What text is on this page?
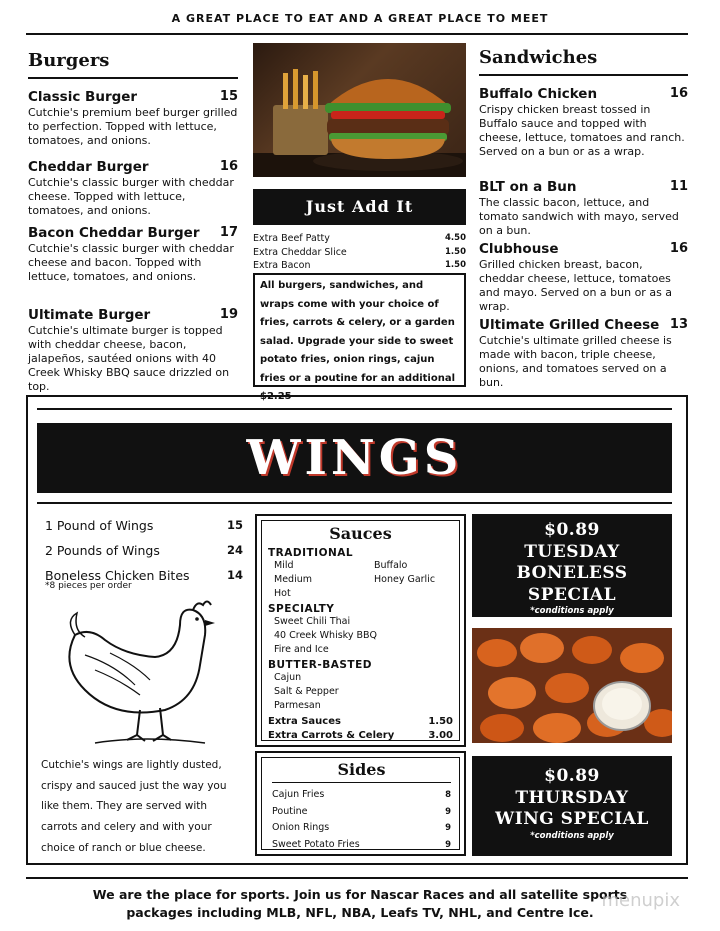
A GREAT PLACE TO EAT AND A GREAT PLACE TO MEET
Burgers
Classic Burger	15
Cutchie's premium beef burger grilled to perfection. Topped with lettuce, tomatoes, and onions.
Cheddar Burger	16
Cutchie's classic burger with cheddar cheese. Topped with lettuce, tomatoes, and onions.
Bacon Cheddar Burger	17
Cutchie's classic burger with cheddar cheese and bacon. Topped with lettuce, tomatoes, and onions.
Ultimate Burger	19
Cutchie's ultimate burger is topped with cheddar cheese, bacon, jalapeños, sautéed onions with 40 Creek Whisky BBQ sauce drizzled on top.
Just Add It
Extra Beef Patty	4.50
Extra Cheddar Slice	1.50
Extra Bacon	1.50
All burgers, sandwiches, and wraps come with your choice of fries, carrots & celery, or a garden salad. Upgrade your side to sweet potato fries, onion rings, cajun fries or a poutine for an additional $2.25
Sandwiches
Buffalo Chicken	16
Crispy chicken breast tossed in Buffalo sauce and topped with cheese, lettuce, tomatoes and ranch. Served on a bun or as a wrap.
BLT on a Bun	11
The classic bacon, lettuce, and tomato sandwich with mayo, served on a bun.
Clubhouse	16
Grilled chicken breast, bacon, cheddar cheese, lettuce, tomatoes and mayo. Served on a bun or as a wrap.
Ultimate Grilled Cheese 13
Cutchie's ultimate grilled cheese is made with bacon, triple cheese, onions, and tomatoes served on a bun.
WINGS
1 Pound of Wings	15
2 Pounds of Wings	24
Boneless Chicken Bites	14
*8 pieces per order
Cutchie's wings are lightly dusted, crispy and sauced just the way you like them. They are served with carrots and celery and with your choice of ranch or blue cheese.
Sauces
TRADITIONAL
Mild	Buffalo
Medium	Honey Garlic
Hot
SPECIALTY
Sweet Chili Thai
40 Creek Whisky BBQ
Fire and Ice
BUTTER-BASTED
Cajun
Salt & Pepper
Parmesan
Extra Sauces	1.50
Extra Carrots & Celery	3.00
Sides
Cajun Fries	8
Poutine	9
Onion Rings	9
Sweet Potato Fries	9
$0.89
TUESDAY
BONELESS
SPECIAL
*conditions apply
$0.89
THURSDAY
WING SPECIAL
*conditions apply
We are the place for sports. Join us for Nascar Races and all satellite sports
packages including MLB, NFL, NBA, Leafs TV, NHL, and Centre Ice.
menupix
